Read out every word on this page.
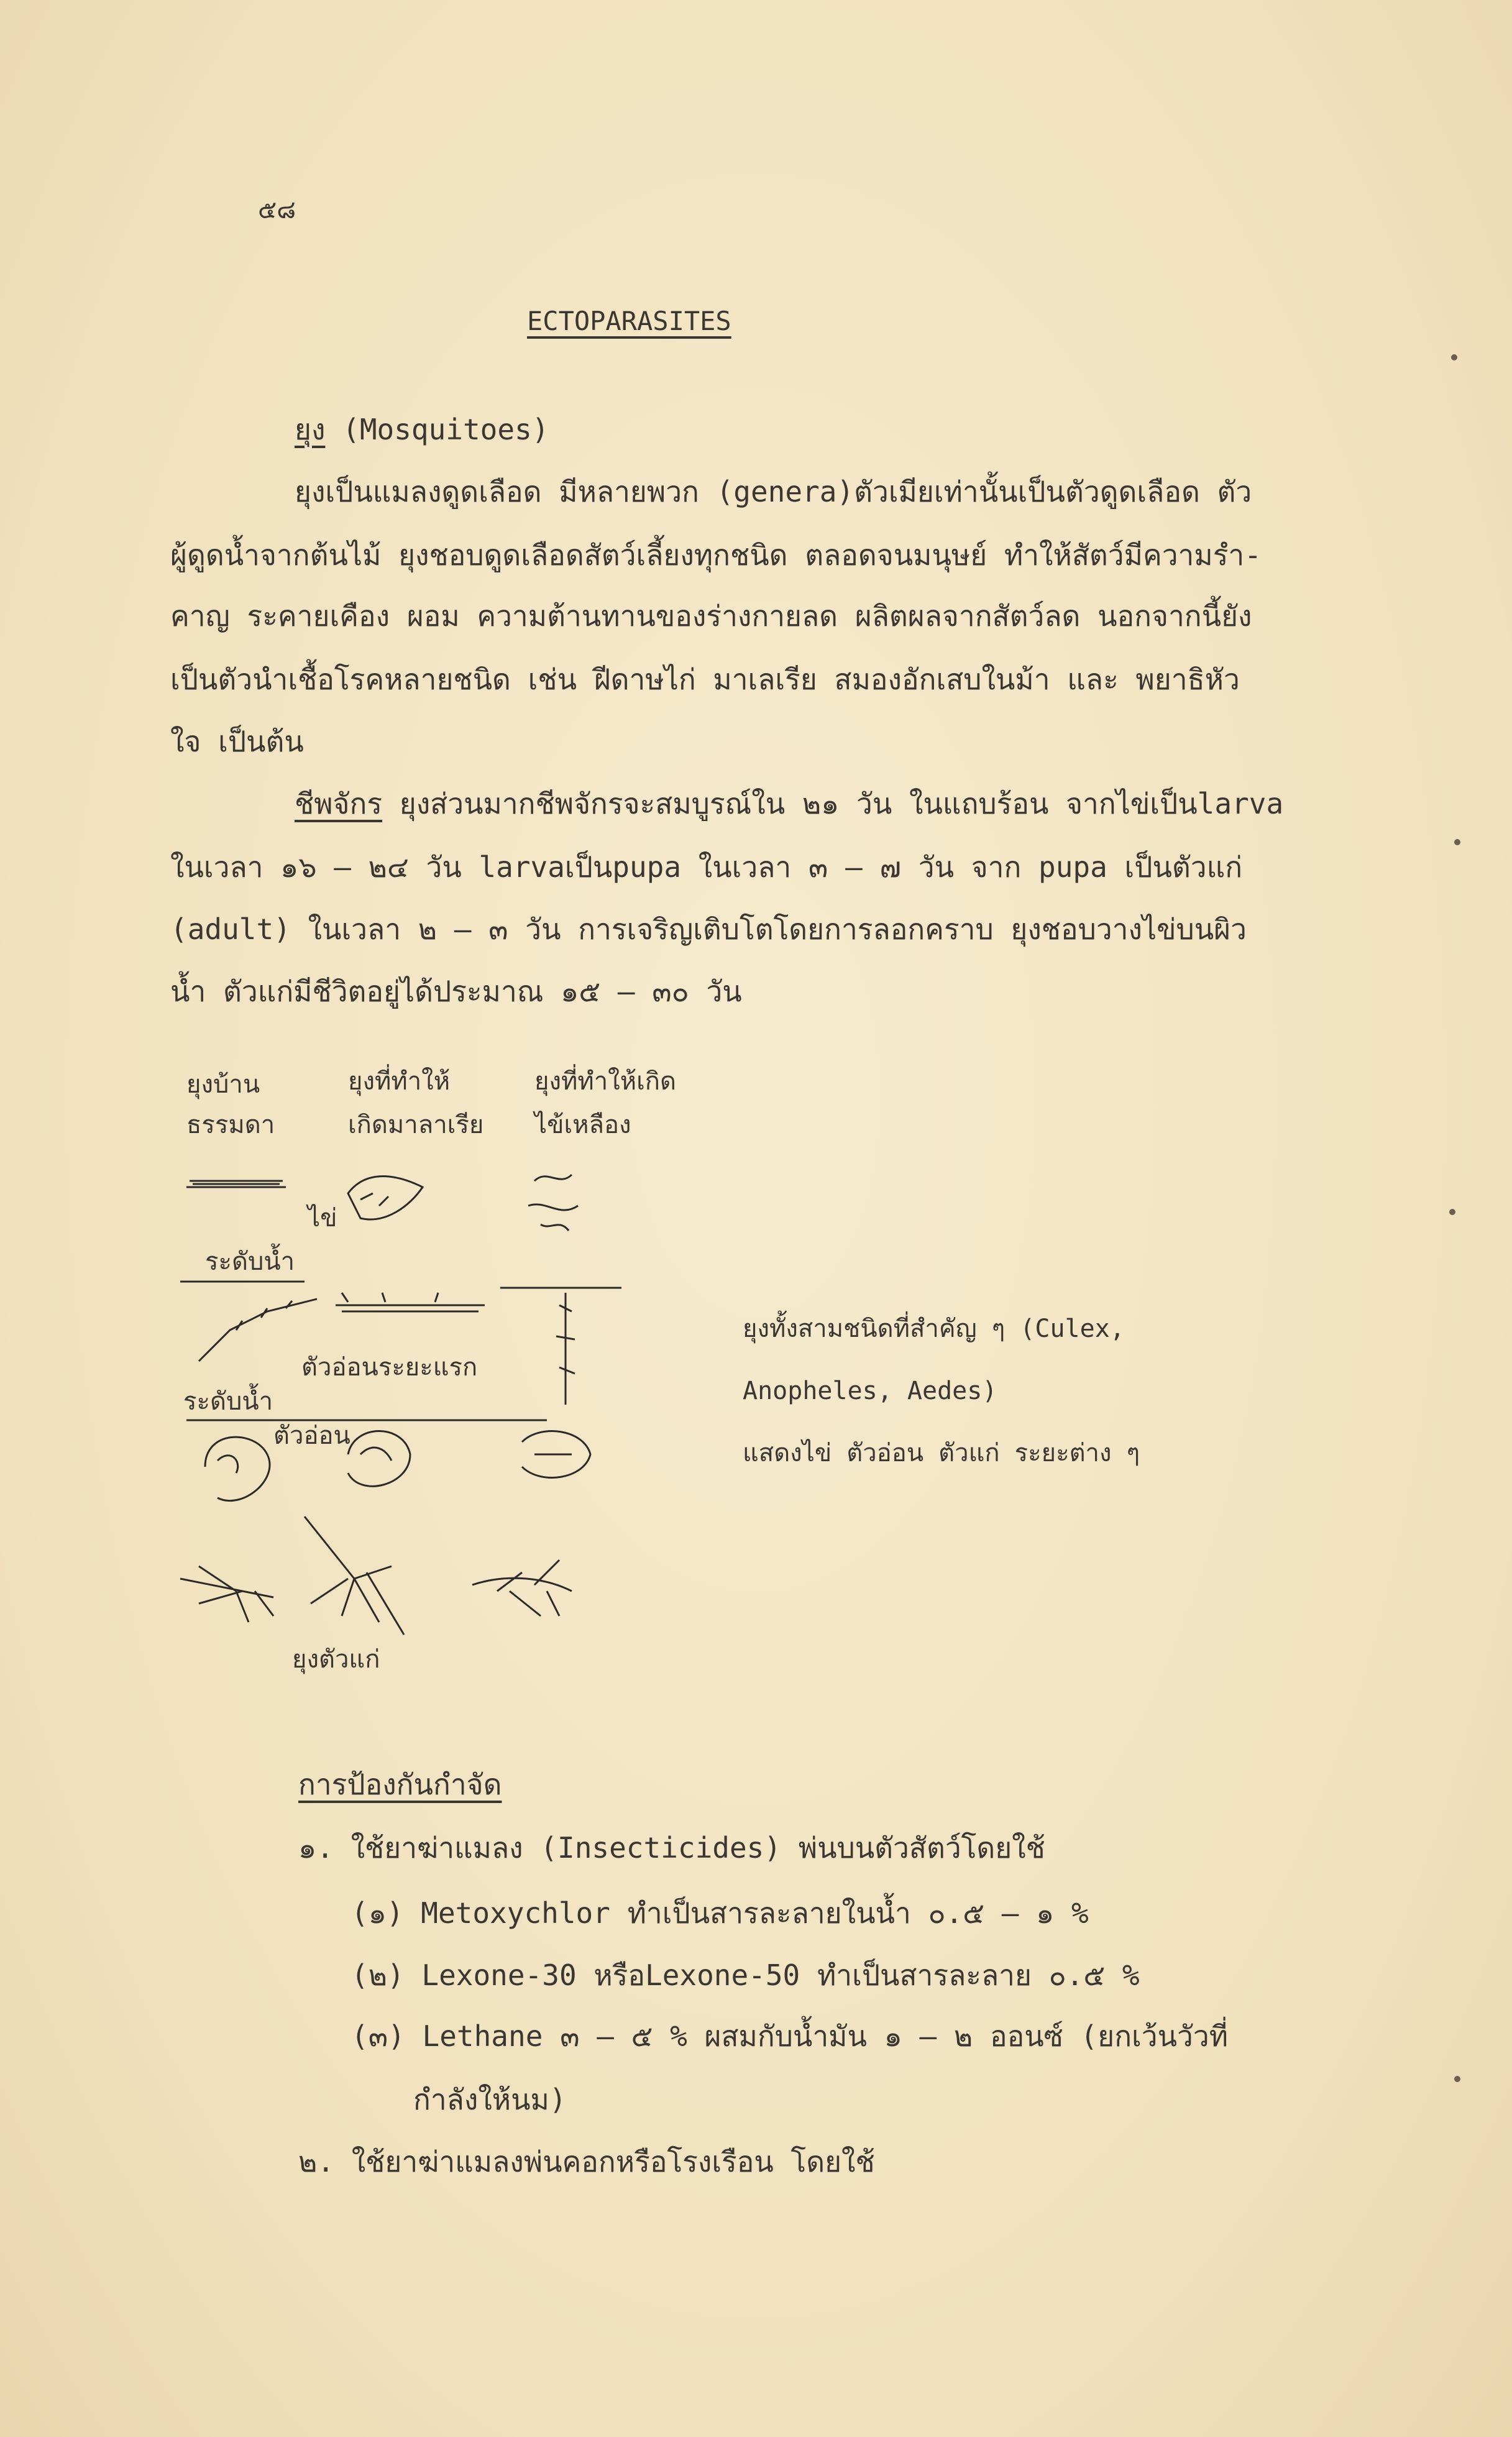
๕๘
ECTOPARASITES
ยุง (Mosquitoes)
ยุงเป็นแมลงดูดเลือด มีหลายพวก (genera)ตัวเมียเท่านั้นเป็นตัวดูดเลือด ตัว
ผู้ดูดน้ำจากต้นไม้ ยุงชอบดูดเลือดสัตว์เลี้ยงทุกชนิด ตลอดจนมนุษย์ ทำให้สัตว์มีความรำ-
คาญ ระคายเคือง ผอม ความต้านทานของร่างกายลด ผลิตผลจากสัตว์ลด นอกจากนี้ยัง
เป็นตัวนำเชื้อโรคหลายชนิด เช่น ฝีดาษไก่ มาเลเรีย สมองอักเสบในม้า และ พยาธิหัว
ใจ เป็นต้น
ชีพจักร ยุงส่วนมากชีพจักรจะสมบูรณ์ใน ๒๑ วัน ในแถบร้อน จากไข่เป็นlarva
ในเวลา ๑๖ – ๒๔ วัน larvaเป็นpupa ในเวลา ๓ – ๗ วัน จาก pupa เป็นตัวแก่
(adult) ในเวลา ๒ – ๓ วัน การเจริญเติบโตโดยการลอกคราบ ยุงชอบวางไข่บนผิว
น้ำ ตัวแก่มีชีวิตอยู่ได้ประมาณ ๑๕ – ๓๐ วัน
ยุงบ้าน
ธรรมดา
ยุงที่ทำให้
เกิดมาลาเรีย
ยุงที่ทำให้เกิด
ไข้เหลือง
ไข่
ระดับน้ำ
ตัวอ่อนระยะแรก
ระดับน้ำ
ตัวอ่อน
ยุงตัวแก่
ยุงทั้งสามชนิดที่สำคัญ ๆ (Culex,
Anopheles, Aedes)
แสดงไข่ ตัวอ่อน ตัวแก่ ระยะต่าง ๆ
การป้องกันกำจัด
๑. ใช้ยาฆ่าแมลง (Insecticides) พ่นบนตัวสัตว์โดยใช้
(๑) Metoxychlor ทำเป็นสารละลายในน้ำ ๐.๕ – ๑ %
(๒) Lexone-30 หรือLexone-50 ทำเป็นสารละลาย ๐.๕ %
(๓) Lethane ๓ – ๕ % ผสมกับน้ำมัน ๑ – ๒ ออนซ์ (ยกเว้นวัวที่
กำลังให้นม)
๒. ใช้ยาฆ่าแมลงพ่นคอกหรือโรงเรือน โดยใช้
